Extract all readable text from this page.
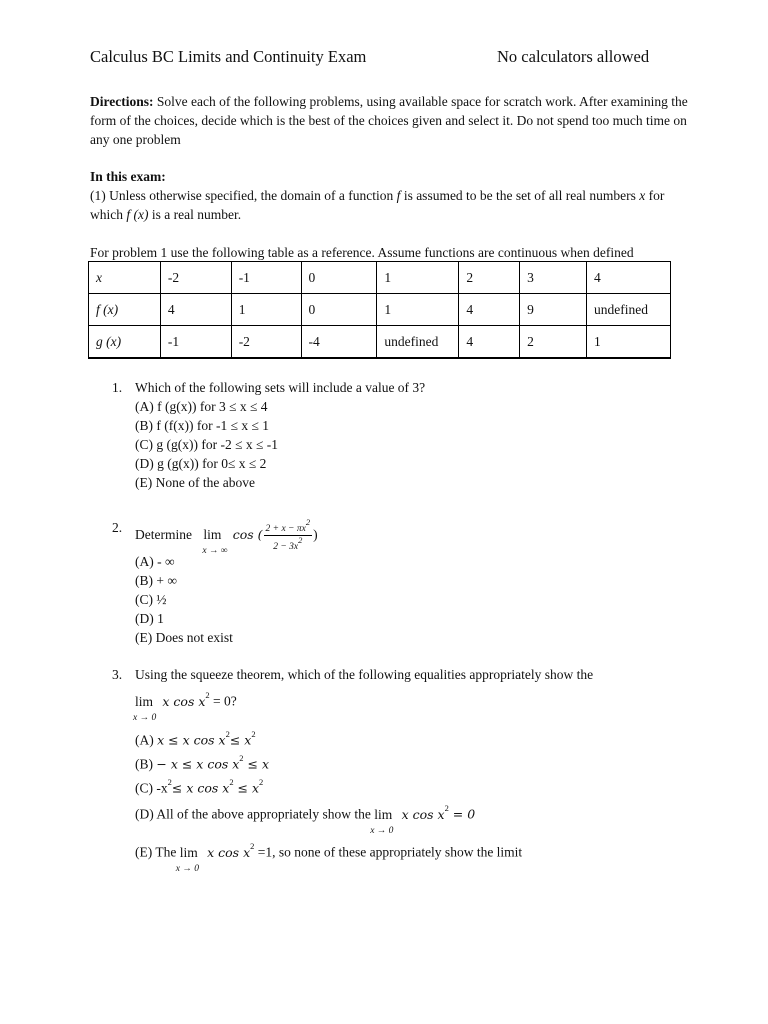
Calculus BC Limits and Continuity Exam	No calculators allowed
Directions: Solve each of the following problems, using available space for scratch work. After examining the form of the choices, decide which is the best of the choices given and select it. Do not spend too much time on any one problem
In this exam:
(1) Unless otherwise specified, the domain of a function f is assumed to be the set of all real numbers x for which f (x) is a real number.
For problem 1 use the following table as a reference. Assume functions are continuous when defined
x	-2	-1	0	1	2	3	4
f (x)	4	1	0	1	4	9	undefined
g (x)	-1	-2	-4	undefined	4	2	1
1. Which of the following sets will include a value of 3?
(A) f (g(x)) for 3 ≤ x ≤ 4
(B) f (f(x)) for -1 ≤ x ≤ 1
(C) g (g(x)) for -2 ≤ x ≤ -1
(D) g (g(x)) for 0≤ x ≤ 2
(E) None of the above
2. Determine lim
x → ∞
cos ( $\frac{2 + x - \pi x^2}{2 - 3x^2}$ )
(A) - ∞
(B) + ∞
(C) ½
(D) 1
(E) Does not exist
3. Using the squeeze theorem, which of the following equalities appropriately show the
lim
x → 0
x $\cos x^2 = 0$?
(A) x ≤ x $\cos x^2\le x^2$
(B) − x ≤ x $\cos x^2 \le x$
(C) $-x^2\le x$ $\cos x^2 \le x^2$
(D) All of the above appropriately show the lim
x → 0
x $\cos x^2 = 0$
(E) The lim
x → 0
x $\cos x^2 =1$, so none of these appropriately show the limit
